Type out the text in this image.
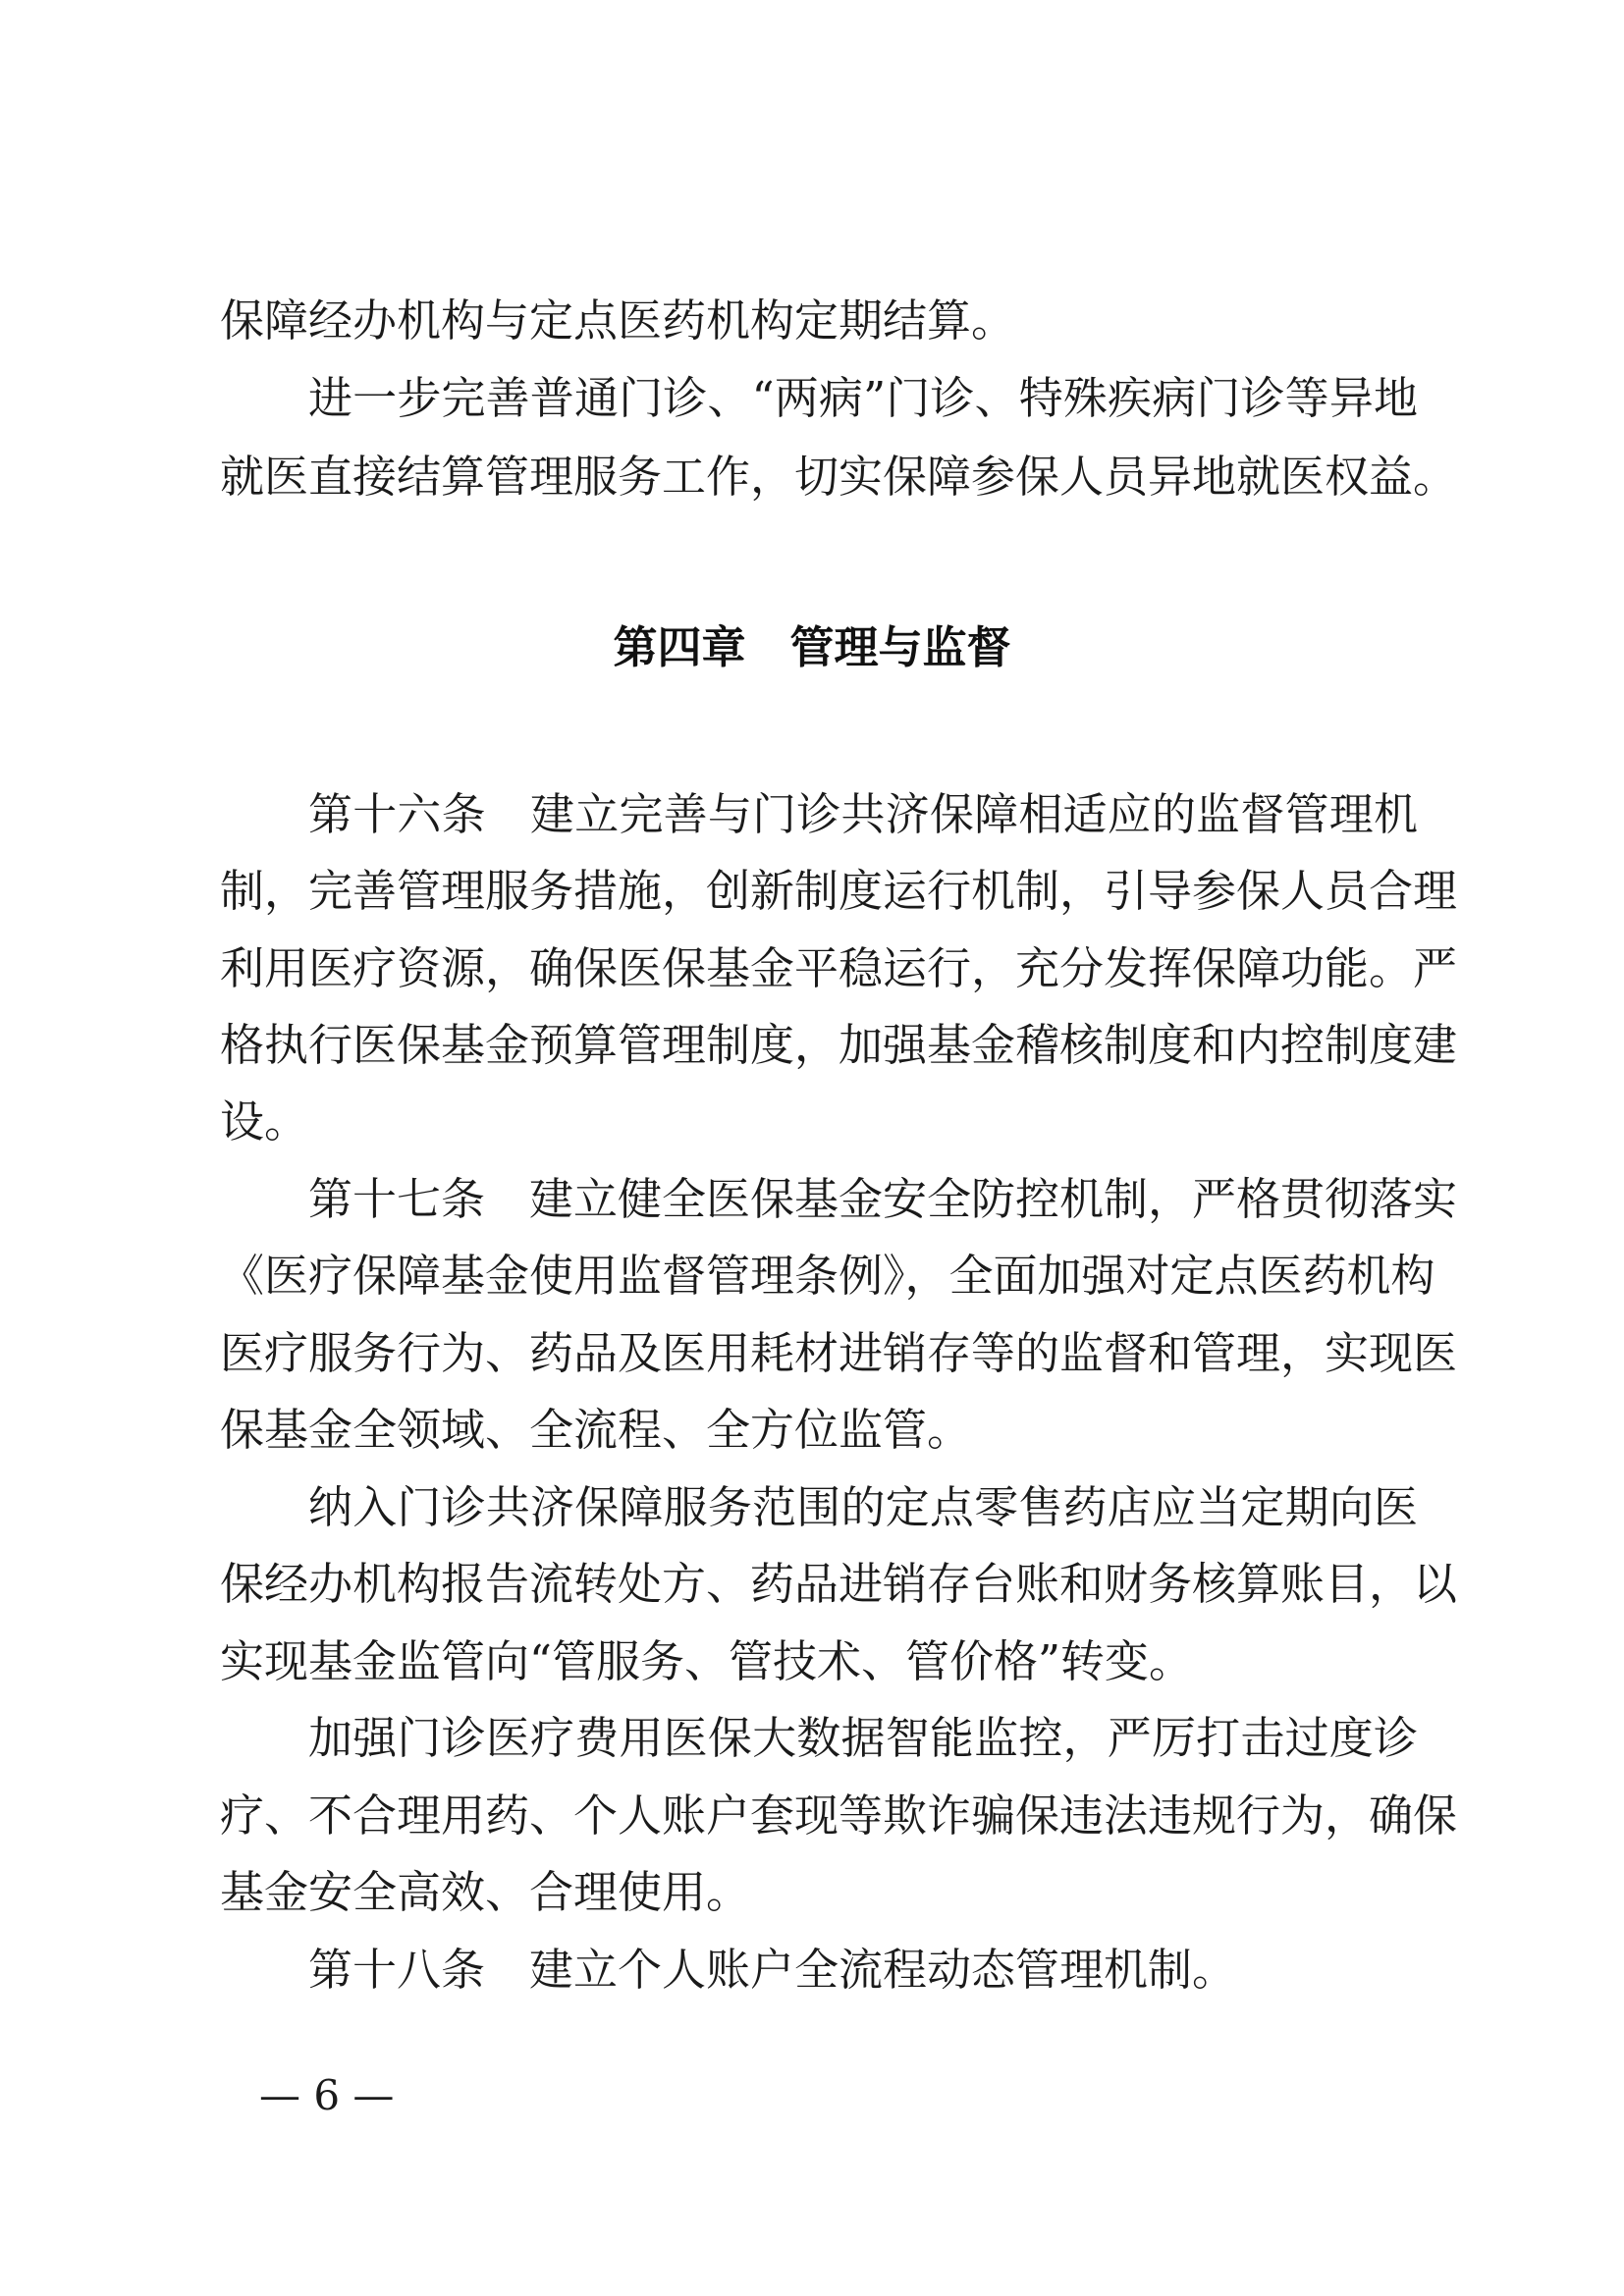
保障经办机构与定点医药机构定期结算。
进一步完善普通门诊、“两病”门诊、特殊疾病门诊等异地
就医直接结算管理服务工作，切实保障参保人员异地就医权益。
第四章 管理与监督
第十六条　建立完善与门诊共济保障相适应的监督管理机
制，完善管理服务措施，创新制度运行机制，引导参保人员合理
利用医疗资源，确保医保基金平稳运行，充分发挥保障功能。严
格执行医保基金预算管理制度，加强基金稽核制度和内控制度建
设。
第十七条　建立健全医保基金安全防控机制，严格贯彻落实
《医疗保障基金使用监督管理条例》，全面加强对定点医药机构
医疗服务行为、药品及医用耗材进销存等的监督和管理，实现医
保基金全领域、全流程、全方位监管。
纳入门诊共济保障服务范围的定点零售药店应当定期向医
保经办机构报告流转处方、药品进销存台账和财务核算账目，以
实现基金监管向“管服务、管技术、管价格”转变。
加强门诊医疗费用医保大数据智能监控，严厉打击过度诊
疗、不合理用药、个人账户套现等欺诈骗保违法违规行为，确保
基金安全高效、合理使用。
第十八条　建立个人账户全流程动态管理机制。
— 6 —
